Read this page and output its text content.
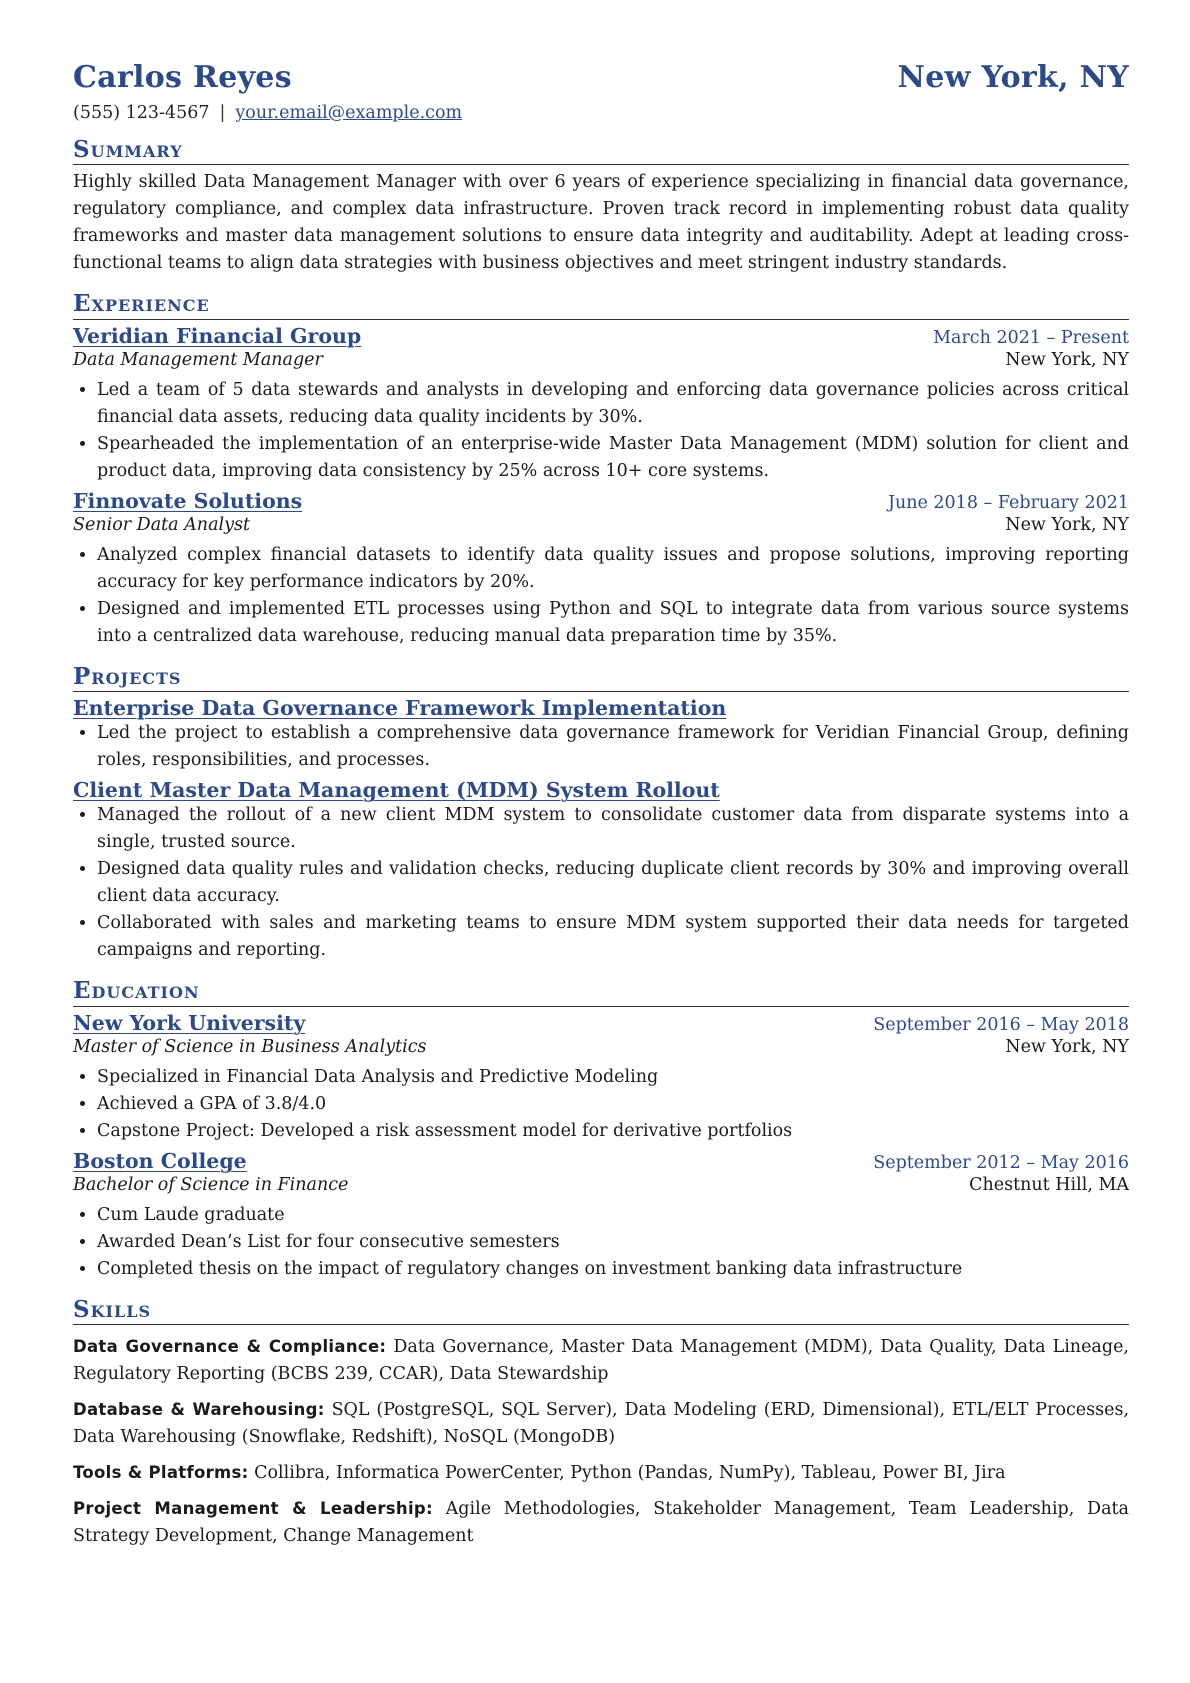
Carlos Reyes	New York, NY
(555) 123-4567 | your.email@example.com
Summary
Highly skilled Data Management Manager with over 6 years of experience specializing in financial data governance, regulatory compliance, and complex data infrastructure. Proven track record in implementing robust data quality frameworks and master data management solutions to ensure data integrity and auditability. Adept at leading cross-functional teams to align data strategies with business objectives and meet stringent industry standards.
Experience
Veridian Financial Group	March 2021 – Present
Data Management Manager	New York, NY
• Led a team of 5 data stewards and analysts in developing and enforcing data governance policies across critical financial data assets, reducing data quality incidents by 30%.
• Spearheaded the implementation of an enterprise-wide Master Data Management (MDM) solution for client and product data, improving data consistency by 25% across 10+ core systems.
Finnovate Solutions	June 2018 – February 2021
Senior Data Analyst	New York, NY
• Analyzed complex financial datasets to identify data quality issues and propose solutions, improving reporting accuracy for key performance indicators by 20%.
• Designed and implemented ETL processes using Python and SQL to integrate data from various source systems into a centralized data warehouse, reducing manual data preparation time by 35%.
Projects
Enterprise Data Governance Framework Implementation
• Led the project to establish a comprehensive data governance framework for Veridian Financial Group, defining roles, responsibilities, and processes.
Client Master Data Management (MDM) System Rollout
• Managed the rollout of a new client MDM system to consolidate customer data from disparate systems into a single, trusted source.
• Designed data quality rules and validation checks, reducing duplicate client records by 30% and improving overall client data accuracy.
• Collaborated with sales and marketing teams to ensure MDM system supported their data needs for targeted campaigns and reporting.
Education
New York University	September 2016 – May 2018
Master of Science in Business Analytics	New York, NY
• Specialized in Financial Data Analysis and Predictive Modeling
• Achieved a GPA of 3.8/4.0
• Capstone Project: Developed a risk assessment model for derivative portfolios
Boston College	September 2012 – May 2016
Bachelor of Science in Finance	Chestnut Hill, MA
• Cum Laude graduate
• Awarded Dean’s List for four consecutive semesters
• Completed thesis on the impact of regulatory changes on investment banking data infrastructure
Skills
Data Governance & Compliance: Data Governance, Master Data Management (MDM), Data Quality, Data Lineage, Regulatory Reporting (BCBS 239, CCAR), Data Stewardship
Database & Warehousing: SQL (PostgreSQL, SQL Server), Data Modeling (ERD, Dimensional), ETL/ELT Processes, Data Warehousing (Snowflake, Redshift), NoSQL (MongoDB)
Tools & Platforms: Collibra, Informatica PowerCenter, Python (Pandas, NumPy), Tableau, Power BI, Jira
Project Management & Leadership: Agile Methodologies, Stakeholder Management, Team Leadership, Data Strategy Development, Change Management
